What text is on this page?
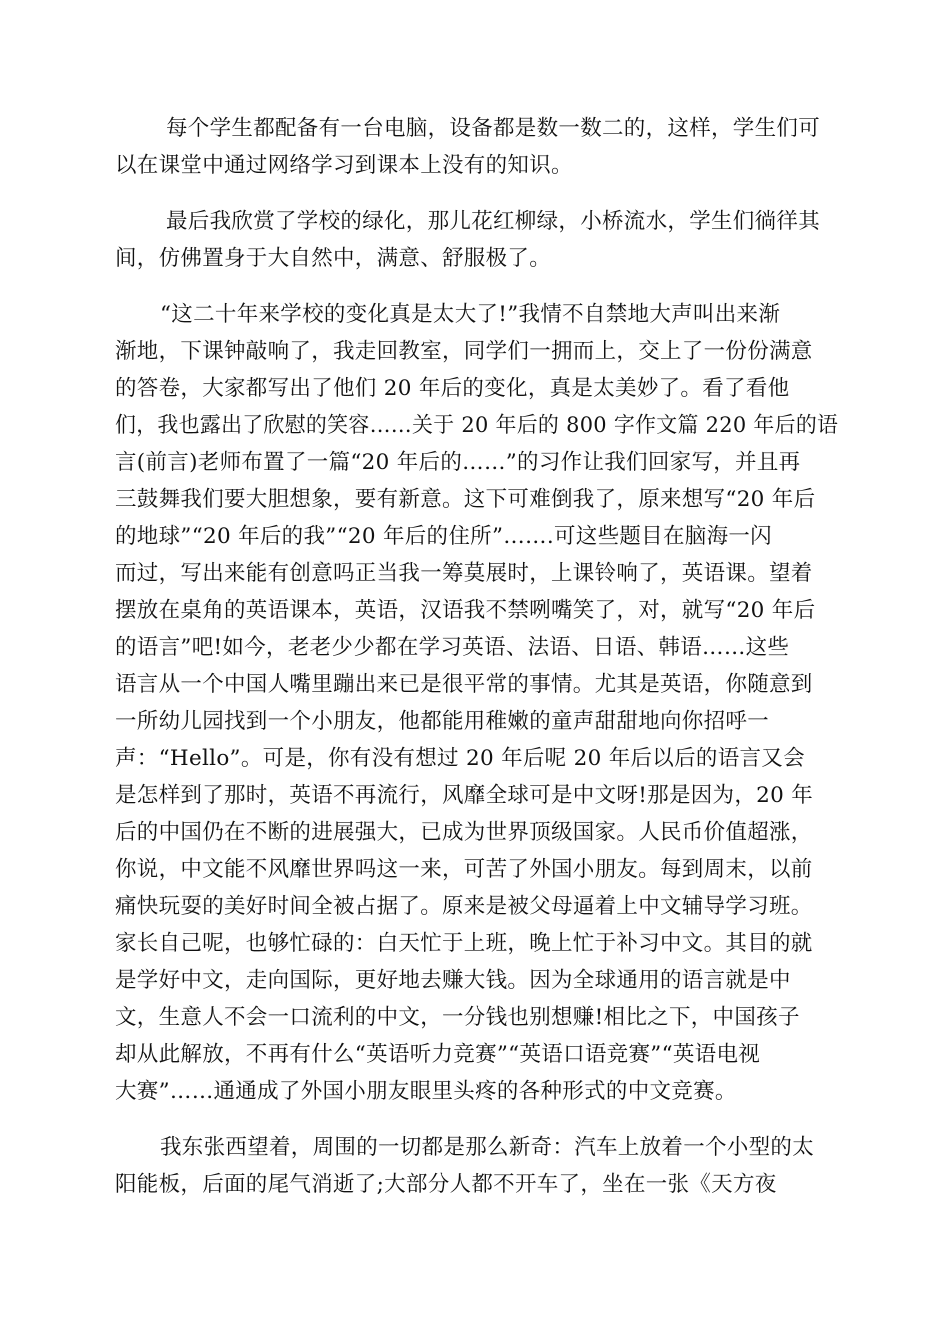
每个学生都配备有一台电脑，设备都是数一数二的，这样，学生们可
以在课堂中通过网络学习到课本上没有的知识。
最后我欣赏了学校的绿化，那儿花红柳绿，小桥流水，学生们徜徉其
间，仿佛置身于大自然中，满意、舒服极了。
“这二十年来学校的变化真是太大了!”我情不自禁地大声叫出来渐
渐地，下课钟敲响了，我走回教室，同学们一拥而上，交上了一份份满意
的答卷，大家都写出了他们 20 年后的变化，真是太美妙了。看了看他
们，我也露出了欣慰的笑容……关于 20 年后的 800 字作文篇 220 年后的语
言(前言)老师布置了一篇“20 年后的……”的习作让我们回家写，并且再
三鼓舞我们要大胆想象，要有新意。这下可难倒我了，原来想写“20 年后
的地球”“20 年后的我”“20 年后的住所”…….可这些题目在脑海一闪
而过，写出来能有创意吗正当我一筹莫展时，上课铃响了，英语课。望着
摆放在桌角的英语课本，英语，汉语我不禁咧嘴笑了，对，就写“20 年后
的语言”吧!如今，老老少少都在学习英语、法语、日语、韩语……这些
语言从一个中国人嘴里蹦出来已是很平常的事情。尤其是英语，你随意到
一所幼儿园找到一个小朋友，他都能用稚嫩的童声甜甜地向你招呼一
声：“Hello”。可是，你有没有想过 20 年后呢 20 年后以后的语言又会
是怎样到了那时，英语不再流行，风靡全球可是中文呀!那是因为，20 年
后的中国仍在不断的进展强大，已成为世界顶级国家。人民币价值超涨，
你说，中文能不风靡世界吗这一来，可苦了外国小朋友。每到周末，以前
痛快玩耍的美好时间全被占据了。原来是被父母逼着上中文辅导学习班。
家长自己呢，也够忙碌的：白天忙于上班，晚上忙于补习中文。其目的就
是学好中文，走向国际，更好地去赚大钱。因为全球通用的语言就是中
文，生意人不会一口流利的中文，一分钱也别想赚!相比之下，中国孩子
却从此解放，不再有什么“英语听力竞赛”“英语口语竞赛”“英语电视
大赛”……通通成了外国小朋友眼里头疼的各种形式的中文竞赛。
我东张西望着，周围的一切都是那么新奇：汽车上放着一个小型的太
阳能板，后面的尾气消逝了;大部分人都不开车了，坐在一张《天方夜
